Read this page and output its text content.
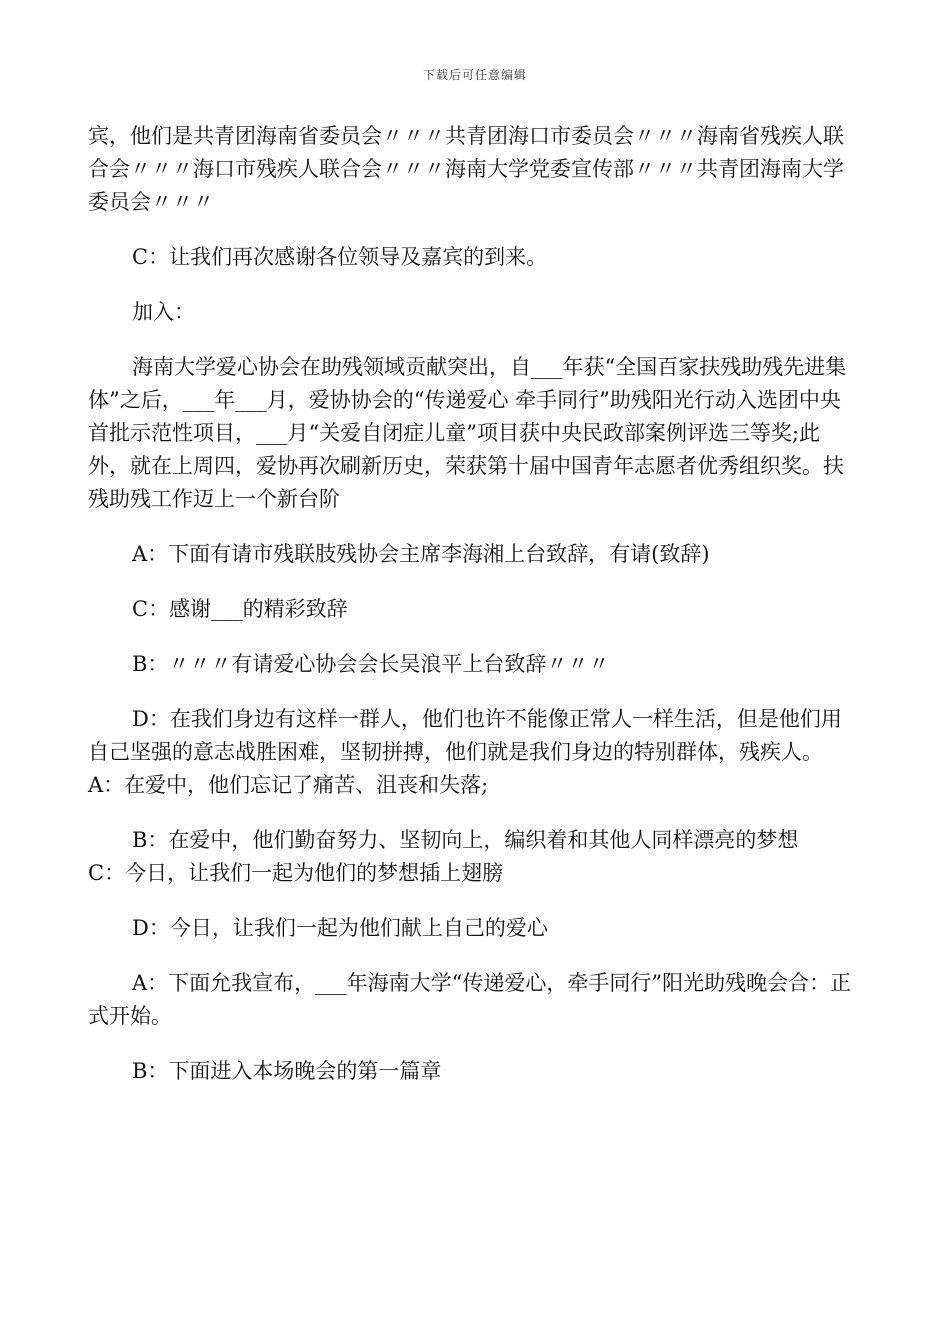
下载后可任意编辑

宾，他们是共青团海南省委员会〃〃〃共青团海口市委员会〃〃〃海南省残疾人联合会〃〃〃海口市残疾人联合会〃〃〃海南大学党委宣传部〃〃〃共青团海南大学委员会〃〃〃

C：让我们再次感谢各位领导及嘉宾的到来。

加入：

海南大学爱心协会在助残领域贡献突出，自___年获“全国百家扶残助残先进集体”之后，___年___月，爱协协会的“传递爱心 牵手同行”助残阳光行动入选团中央首批示范性项目，___月“关爱自闭症儿童”项目获中央民政部案例评选三等奖;此外，就在上周四，爱协再次刷新历史，荣获第十届中国青年志愿者优秀组织奖。扶残助残工作迈上一个新台阶

A：下面有请市残联肢残协会主席李海湘上台致辞，有请(致辞)

C：感谢___的精彩致辞

B：〃〃〃有请爱心协会会长吴浪平上台致辞〃〃〃

D：在我们身边有这样一群人，他们也许不能像正常人一样生活，但是他们用自己坚强的意志战胜困难，坚韧拼搏，他们就是我们身边的特别群体，残疾人。 A：在爱中，他们忘记了痛苦、沮丧和失落;

B：在爱中，他们勤奋努力、坚韧向上，编织着和其他人同样漂亮的梦想

C：今日，让我们一起为他们的梦想插上翅膀

D：今日，让我们一起为他们献上自己的爱心

A：下面允我宣布，___年海南大学“传递爱心，牵手同行”阳光助残晚会合：正式开始。

B：下面进入本场晚会的第一篇章
